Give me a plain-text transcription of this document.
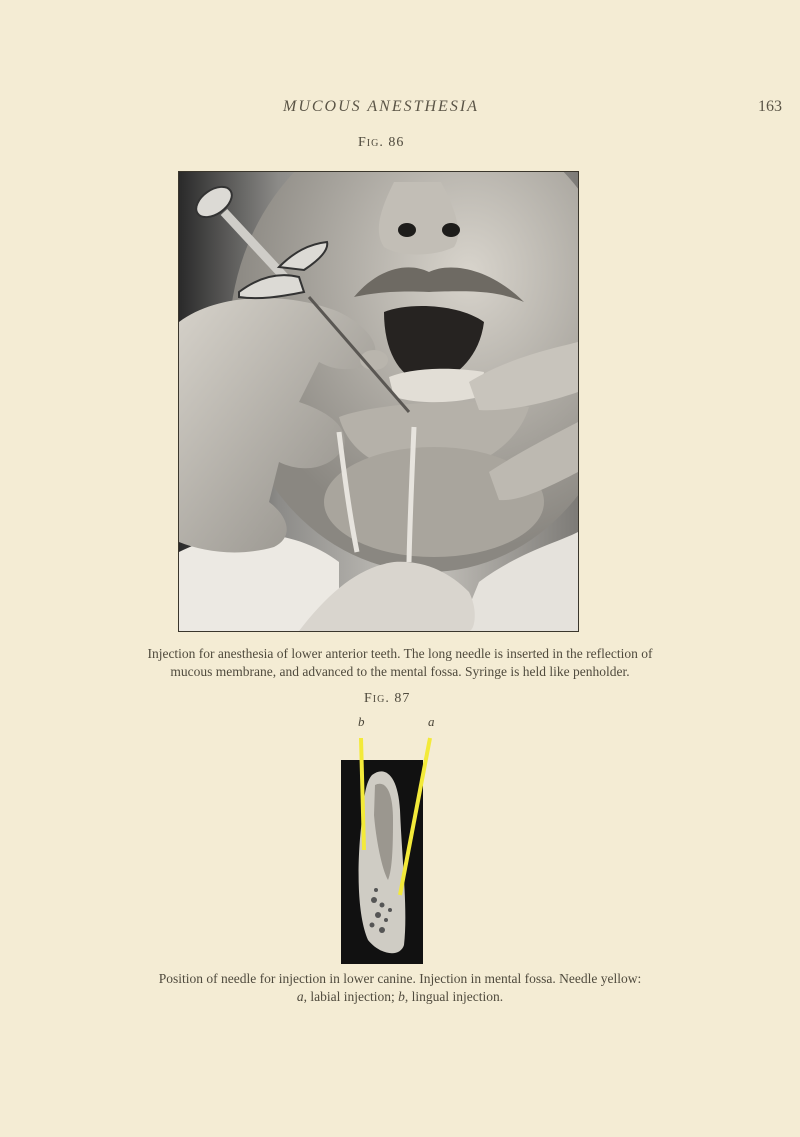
MUCOUS ANESTHESIA	163
Fig. 86
Injection for anesthesia of lower anterior teeth. The long needle is inserted in the reflection of
mucous membrane, and advanced to the mental fossa. Syringe is held like penholder.
Fig. 87
b	a
Position of needle for injection in lower canine. Injection in mental fossa. Needle yellow:
a, labial injection; b, lingual injection.
